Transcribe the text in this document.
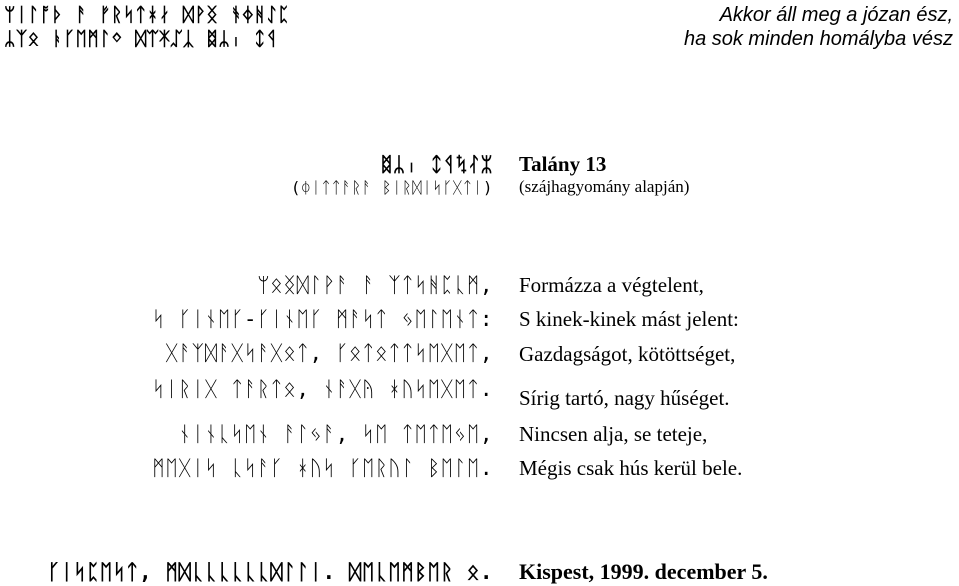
ᛘᛁᛚᚩᚦ ᚨ ᚠᚱᛋᛏᚼᛅ ᛞᚹᛝ ᚬᛄᚻᛇᛈ
ᛦᛉᛟ ᚭᚴᛖᛗᛚᛜ ᛞᛠᛡᛢᛣ ᛥᛦᛧ ᛨᛩ
Akkor áll meg a józan ész,
ha sok minden homályba vész
ᛥᛦᛧ ᛨᛩᛪᛮᛯ
(ᛰᛁᛏᛏᚨᚱᚨ ᛒᛁᚱᛞᛁᛋᚴᚷᛏᛁ)
Talány 13
(szájhagyomány alapján)
ᛘᛟᛝᛞᛚᚹᚨ ᚨ ᛉᛏᛋᚻᛈᚳᛗ,
ᛋ ᚴᛁᚾᛖᚴ-ᚴᛁᚾᛖᚴ ᛗᚨᛋᛏ ᛃᛖᛚᛖᚾᛏ:
ᚷᚨᛉᛞᚨᚷᛋᚨᚷᛟᛏ, ᚴᛟᛏᛟᛏᛏᛋᛖᚷᛖᛏ,
ᛋᛁᚱᛁᚷ ᛏᚨᚱᛏᛟ, ᚾᚨᚷᚤ ᚼᚢᛋᛖᚷᛖᛏ.
ᚾᛁᚾᚳᛋᛖᚾ ᚨᛚᛃᚨ, ᛋᛖ ᛏᛖᛏᛖᛃᛖ,
ᛗᛖᚷᛁᛋ ᚳᛋᚨᚴ ᚼᚢᛋ ᚴᛖᚱᚢᛚ ᛒᛖᛚᛖ.
Formázza a végtelent,
S kinek-kinek mást jelent:
Gazdagságot, kötöttséget,
Sírig tartó, nagy hűséget.
Nincsen alja, se teteje,
Mégis csak hús kerül bele.
ᚴᛁᛋᛈᛖᛋᛏ, ᛗᛞᚳᚳᚳᚳᚳᚳᛞᛚᛚᛁ. ᛞᛖᚳᛖᛗᛒᛖᚱ ᛟ. Kispest, 1999. december 5.
